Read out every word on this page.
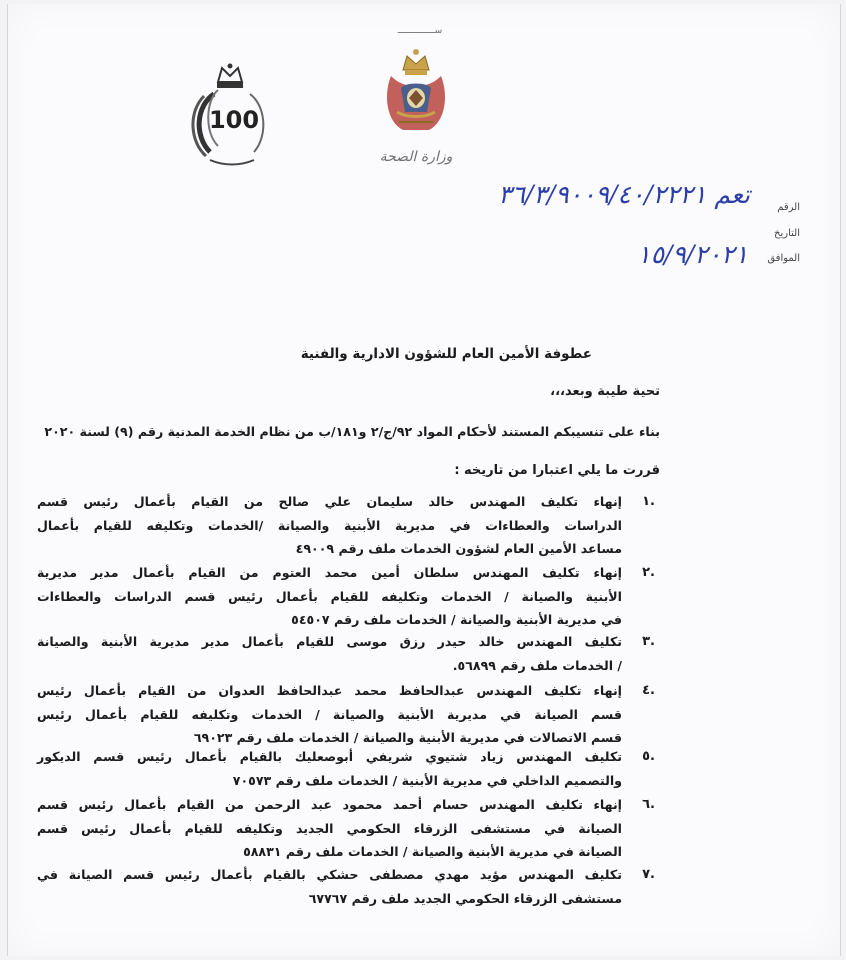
100
ســــــــــــــ
وزارة الصحة
الرقم
تعم ٣٦/٣/٩٠٠٩/٤٠/٢٢٢١
التاريخ
الموافق
١٥/٩/٢٠٢١
عطوفة الأمين العام للشؤون الادارية والفنية
تحية طيبة وبعد،،،
بناء على تنسيبكم المستند لأحكام المواد ٩٢/ج/٢ و١٨١/ب من نظام الخدمة المدنية رقم (٩) لسنة ٢٠٢٠
قررت ما يلي اعتبارا من تاريخه :
.١
إنهاء تكليف المهندس خالد سليمان علي صالح من القيام بأعمال رئيس قسم
الدراسات والعطاءات في مديرية الأبنية والصيانة /الخدمات وتكليفه للقيام بأعمال
مساعد الأمين العام لشؤون الخدمات ملف رقم ٤٩٠٠٩
.٢
إنهاء تكليف المهندس سلطان أمين محمد العتوم من القيام بأعمال مدير مديرية
الأبنية والصيانة / الخدمات وتكليفه للقيام بأعمال رئيس قسم الدراسات والعطاءات
في مديرية الأبنية والصيانة / الخدمات ملف رقم ٥٤٥٠٧
.٣
تكليف المهندس خالد حيدر رزق موسى للقيام بأعمال مدير مديرية الأبنية والصيانة
/ الخدمات ملف رقم ٥٦٨٩٩.
.٤
إنهاء تكليف المهندس عبدالحافظ محمد عبدالحافظ العدوان من القيام بأعمال رئيس
قسم الصيانة في مديرية الأبنية والصيانة / الخدمات وتكليفه للقيام بأعمال رئيس
قسم الاتصالات في مديرية الأبنية والصيانة / الخدمات ملف رقم ٦٩٠٢٣
.٥
تكليف المهندس زياد شتيوي شريفي أبوصعليك بالقيام بأعمال رئيس قسم الديكور
والتصميم الداخلي في مديرية الأبنية / الخدمات ملف رقم ٧٠٥٧٣
.٦
إنهاء تكليف المهندس حسام أحمد محمود عبد الرحمن من القيام بأعمال رئيس قسم
الصيانة في مستشفى الزرقاء الحكومي الجديد وتكليفه للقيام بأعمال رئيس قسم
الصيانة في مديرية الأبنية والصيانة / الخدمات ملف رقم ٥٨٨٣١
.٧
تكليف المهندس مؤيد مهدي مصطفى حشكي بالقيام بأعمال رئيس قسم الصيانة في
مستشفى الزرقاء الحكومي الجديد ملف رقم ٦٧٧٦٧
